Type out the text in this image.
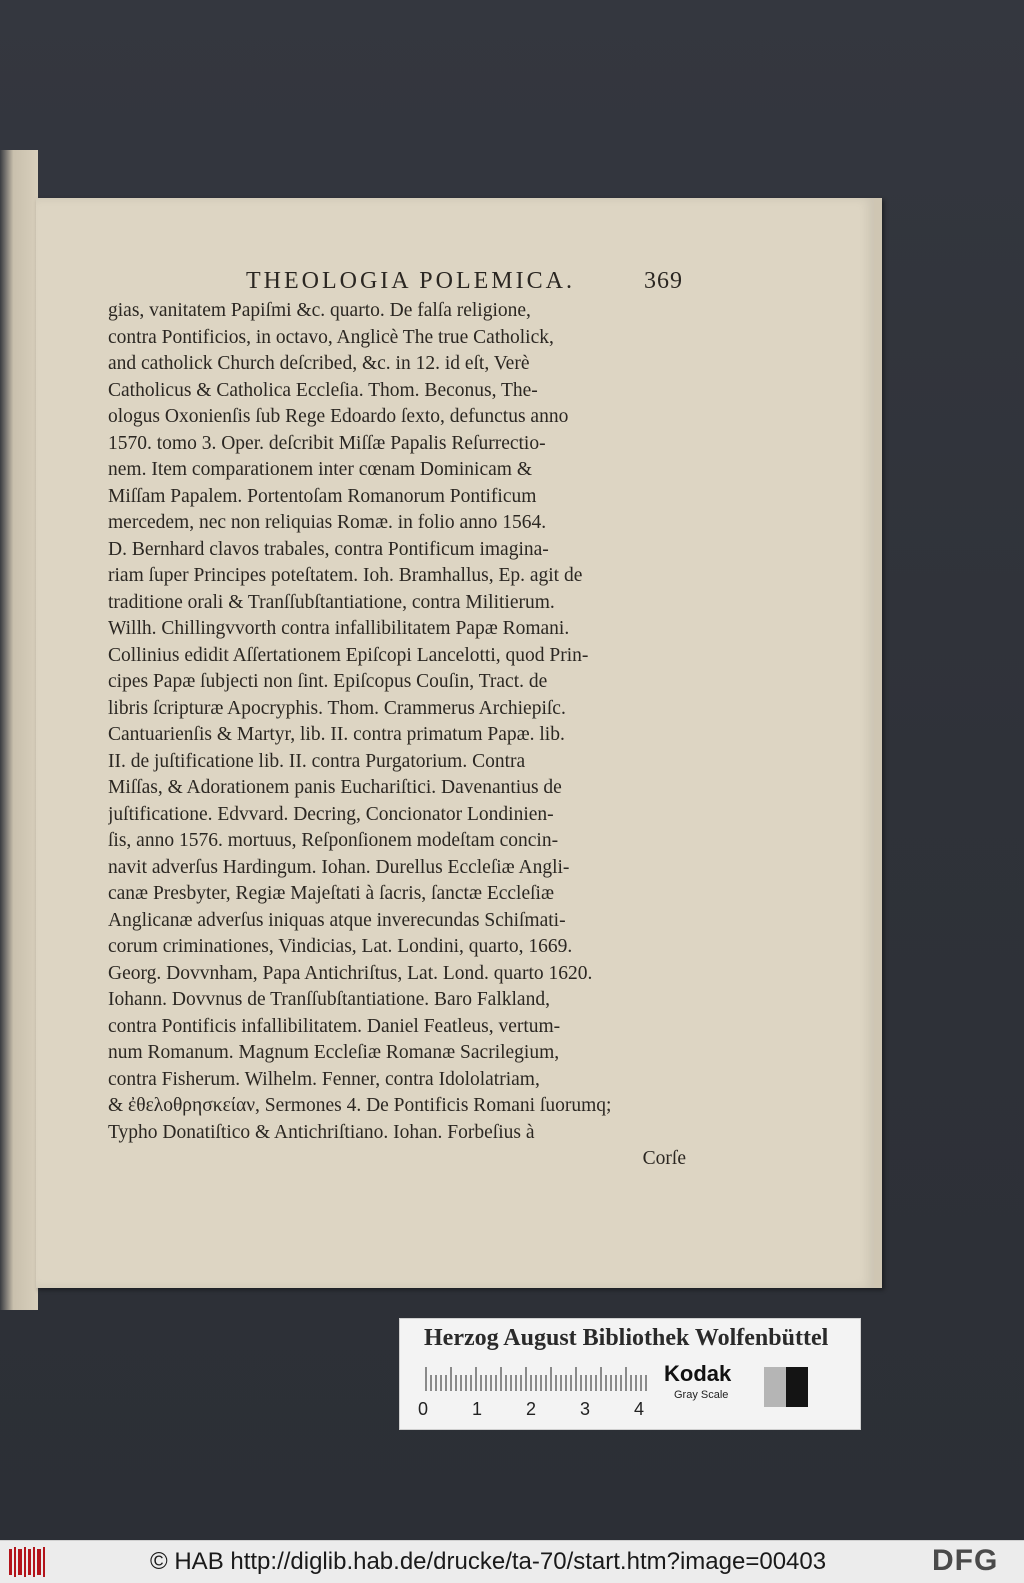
THEOLOGIA POLEMICA.	369
gias, vanitatem Papiſmi &c. quarto. De falſa religione,
contra Pontificios, in octavo, Anglicè The true Catholick,
and catholick Church deſcribed, &c. in 12. id eſt, Verè
Catholicus & Catholica Eccleſia. Thom. Beconus, The-
ologus Oxonienſis ſub Rege Edoardo ſexto, defunctus anno
1570. tomo 3. Oper. deſcribit Miſſæ Papalis Reſurrectio-
nem. Item comparationem inter cœnam Dominicam &
Miſſam Papalem. Portentoſam Romanorum Pontificum
mercedem, nec non reliquias Romæ. in folio anno 1564.
D. Bernhard clavos trabales, contra Pontificum imagina-
riam ſuper Principes poteſtatem. Ioh. Bramhallus, Ep. agit de
traditione orali & Tranſſubſtantiatione, contra Militierum.
Willh. Chillingvvorth contra infallibilitatem Papæ Romani.
Collinius edidit Aſſertationem Epiſcopi Lancelotti, quod Prin-
cipes Papæ ſubjecti non ſint. Epiſcopus Couſin, Tract. de
libris ſcripturæ Apocryphis. Thom. Crammerus Archiepiſc.
Cantuarienſis & Martyr, lib. II. contra primatum Papæ. lib.
II. de juſtificatione lib. II. contra Purgatorium. Contra
Miſſas, & Adorationem panis Euchariſtici. Davenantius de
juſtificatione. Edvvard. Decring, Concionator Londinien-
ſis, anno 1576. mortuus, Reſponſionem modeſtam concin-
navit adverſus Hardingum. Iohan. Durellus Eccleſiæ Angli-
canæ Presbyter, Regiæ Majeſtati à ſacris, ſanctæ Eccleſiæ
Anglicanæ adverſus iniquas atque inverecundas Schiſmati-
corum criminationes, Vindicias, Lat. Londini, quarto, 1669.
Georg. Dovvnham, Papa Antichriſtus, Lat. Lond. quarto 1620.
Iohann. Dovvnus de Tranſſubſtantiatione. Baro Falkland,
contra Pontificis infallibilitatem. Daniel Featleus, vertum-
num Romanum. Magnum Eccleſiæ Romanæ Sacrilegium,
contra Fisherum. Wilhelm. Fenner, contra Idololatriam,
& ἐθελοθρησκείαν, Sermones 4. De Pontificis Romani ſuorumq;
Typho Donatiſtico & Antichriſtiano. Iohan. Forbeſius à
Corſe
Herzog August Bibliothek Wolfenbüttel
0 1 2 3 4
Kodak
Gray Scale
© HAB http://diglib.hab.de/drucke/ta-70/start.htm?image=00403	DFG
